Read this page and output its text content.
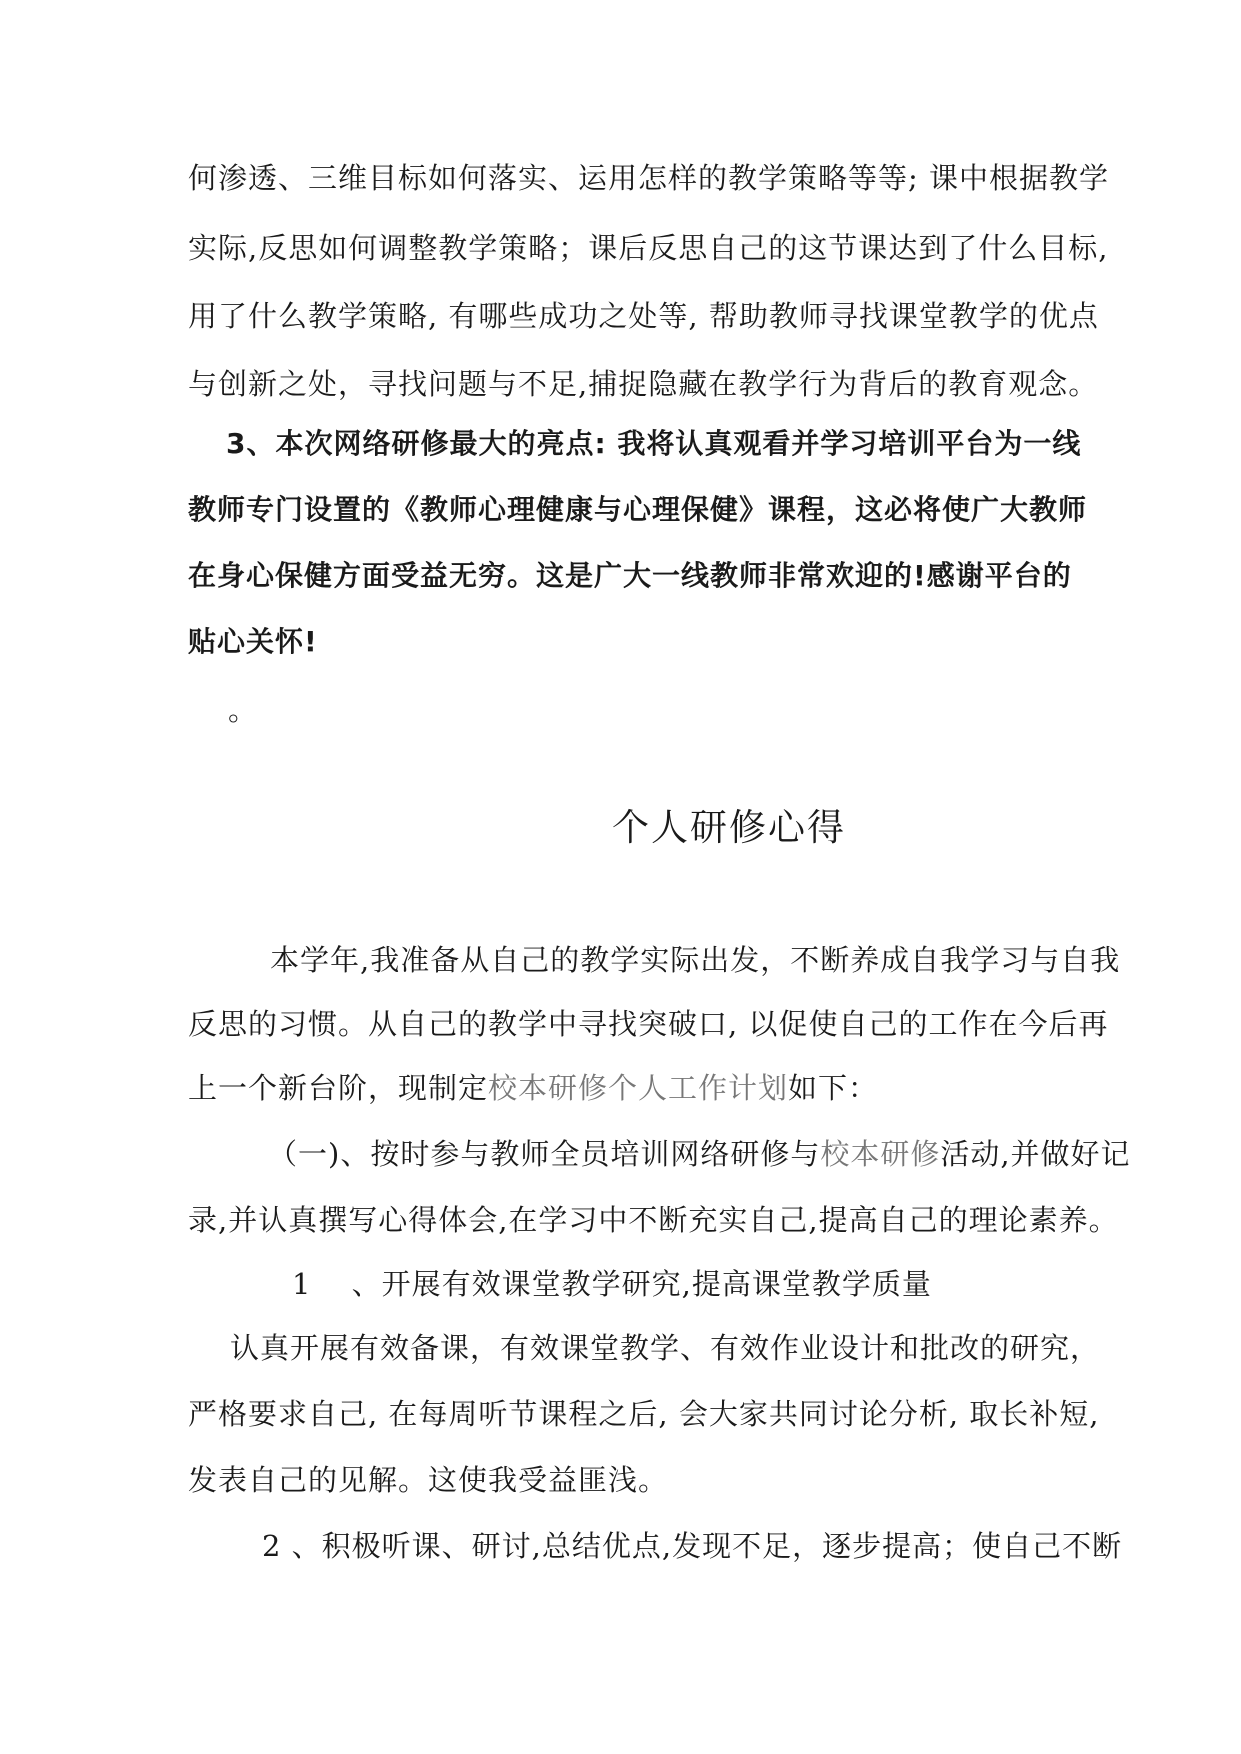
何渗透、三维目标如何落实、运用怎样的教学策略等等; 课中根据教学
实际,反思如何调整教学策略；课后反思自己的这节课达到了什么目标,
用了什么教学策略, 有哪些成功之处等, 帮助教师寻找课堂教学的优点
与创新之处，寻找问题与不足,捕捉隐藏在教学行为背后的教育观念。
3、本次网络研修最大的亮点: 我将认真观看并学习培训平台为一线
教师专门设置的《教师心理健康与心理保健》课程，这必将使广大教师
在身心保健方面受益无穷。这是广大一线教师非常欢迎的!感谢平台的
贴心关怀!
。
个人研修心得
本学年,我准备从自己的教学实际出发，不断养成自我学习与自我
反思的习惯。从自己的教学中寻找突破口, 以促使自己的工作在今后再
上一个新台阶，现制定校本研修个人工作计划如下：
（一)、按时参与教师全员培训网络研修与校本研修活动,并做好记
录,并认真撰写心得体会,在学习中不断充实自己,提高自己的理论素养。
1　 、开展有效课堂教学研究,提高课堂教学质量
认真开展有效备课，有效课堂教学、有效作业设计和批改的研究，
严格要求自己, 在每周听节课程之后, 会大家共同讨论分析, 取长补短,
发表自己的见解。这使我受益匪浅。
2 、积极听课、研讨,总结优点,发现不足，逐步提高；使自己不断
